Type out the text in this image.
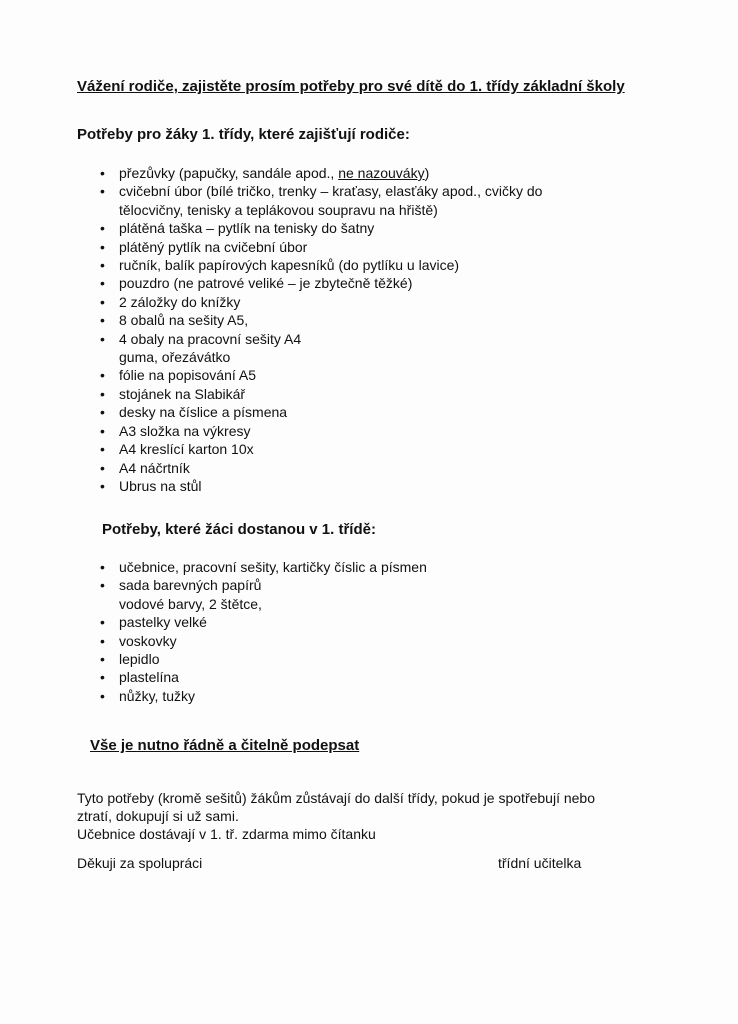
Vážení rodiče, zajistěte prosím potřeby pro své dítě do 1. třídy základní školy
Potřeby pro žáky 1. třídy, které zajišťují rodiče:
• přezůvky (papučky, sandále apod., ne nazouváky)
• cvičební úbor (bílé tričko, trenky – kraťasy, elasťáky apod., cvičky do
tělocvičny, tenisky a teplákovou soupravu na hřiště)
• plátěná taška – pytlík na tenisky do šatny
• plátěný pytlík na cvičební úbor
• ručník, balík papírových kapesníků (do pytlíku u lavice)
• pouzdro (ne patrové veliké – je zbytečně těžké)
• 2 záložky do knížky
• 8 obalů na sešity A5,
• 4 obaly na pracovní sešity A4
guma, ořezávátko
• fólie na popisování A5
• stojánek na Slabikář
• desky na číslice a písmena
• A3 složka na výkresy
• A4 kreslící karton 10x
• A4 náčrtník
• Ubrus na stůl
Potřeby, které žáci dostanou v 1. třídě:
• učebnice, pracovní sešity, kartičky číslic a písmen
• sada barevných papírů
vodové barvy, 2 štětce,
• pastelky velké
• voskovky
• lepidlo
• plastelína
• nůžky, tužky
Vše je nutno řádně a čitelně podepsat
Tyto potřeby (kromě sešitů) žákům zůstávají do další třídy, pokud je spotřebují nebo
ztratí, dokupují si už sami.
Učebnice dostávají v 1. tř. zdarma mimo čítanku
Děkuji za spolupráci	třídní učitelka
